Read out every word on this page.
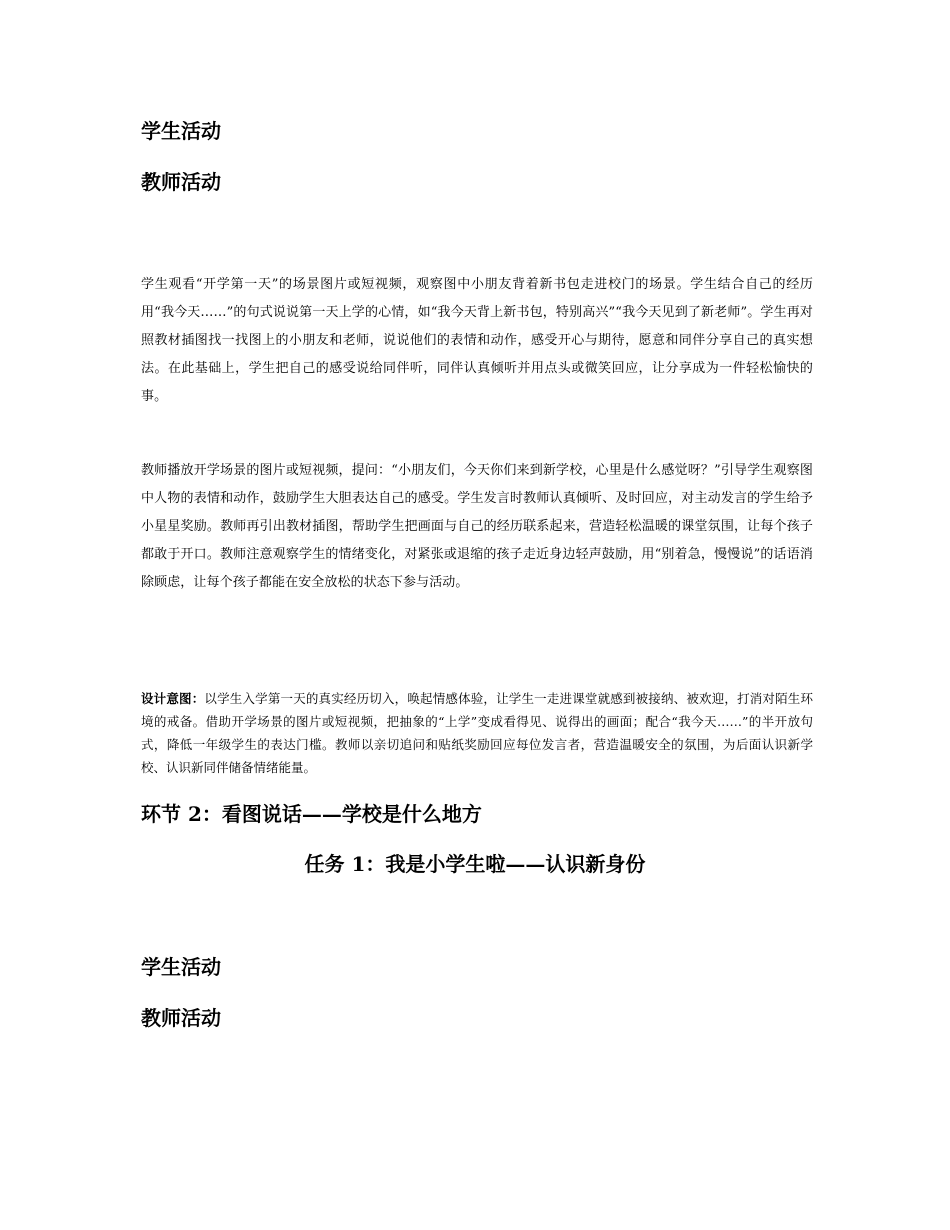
学生活动
教师活动
学生观看“开学第一天”的场景图片或短视频，观察图中小朋友背着新书包走进校门的场景。学生结合自己的经历用“我今天……”的句式说说第一天上学的心情，如“我今天背上新书包，特别高兴”“我今天见到了新老师”。学生再对照教材插图找一找图上的小朋友和老师，说说他们的表情和动作，感受开心与期待，愿意和同伴分享自己的真实想法。在此基础上，学生把自己的感受说给同伴听，同伴认真倾听并用点头或微笑回应，让分享成为一件轻松愉快的事。
教师播放开学场景的图片或短视频，提问：“小朋友们，今天你们来到新学校，心里是什么感觉呀？”引导学生观察图中人物的表情和动作，鼓励学生大胆表达自己的感受。学生发言时教师认真倾听、及时回应，对主动发言的学生给予小星星奖励。教师再引出教材插图，帮助学生把画面与自己的经历联系起来，营造轻松温暖的课堂氛围，让每个孩子都敢于开口。教师注意观察学生的情绪变化，对紧张或退缩的孩子走近身边轻声鼓励，用“别着急，慢慢说”的话语消除顾虑，让每个孩子都能在安全放松的状态下参与活动。
设计意图：以学生入学第一天的真实经历切入，唤起情感体验，让学生一走进课堂就感到被接纳、被欢迎，打消对陌生环境的戒备。借助开学场景的图片或短视频，把抽象的“上学”变成看得见、说得出的画面；配合“我今天……”的半开放句式，降低一年级学生的表达门槛。教师以亲切追问和贴纸奖励回应每位发言者，营造温暖安全的氛围，为后面认识新学校、认识新同伴储备情绪能量。
环节 2：看图说话——学校是什么地方
任务 1：我是小学生啦——认识新身份
学生活动
教师活动
